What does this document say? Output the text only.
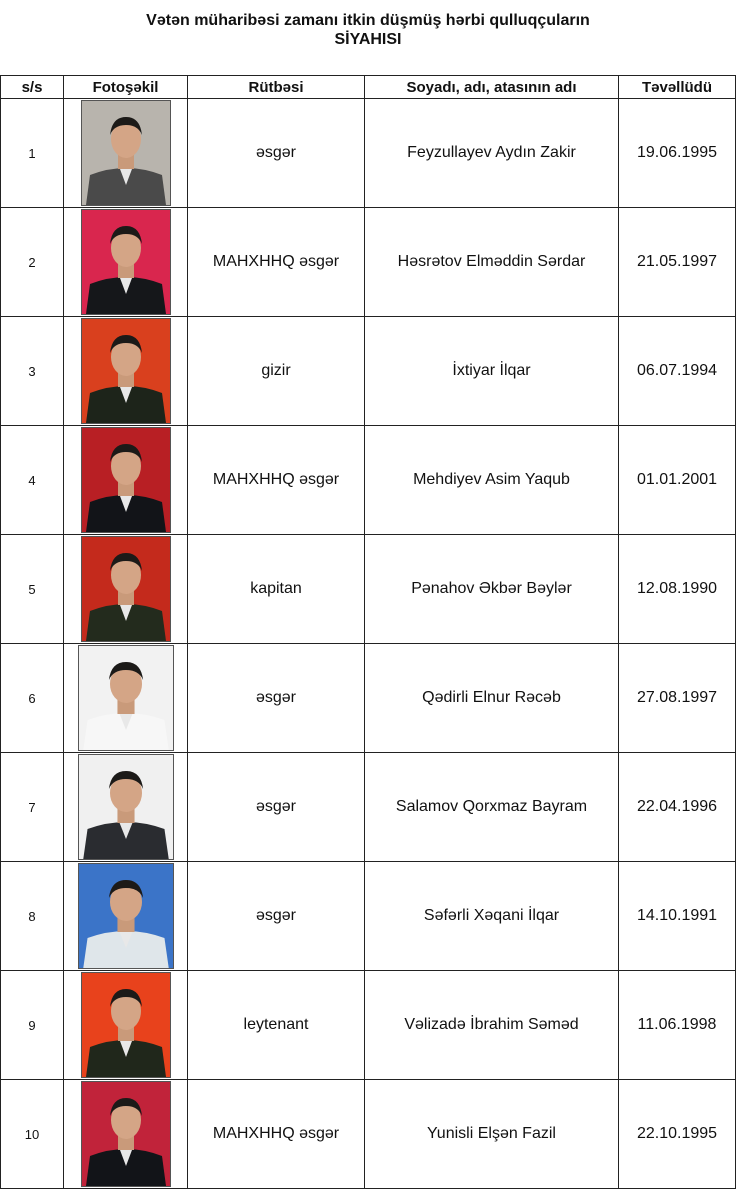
Vətən müharibəsi zamanı itkin düşmüş hərbi qulluqçuların
SİYAHISI
s/s	Fotoşəkil	Rütbəsi	Soyadı, adı, atasının adı	Təvəllüdü
1		əsgər	Feyzullayev Aydın Zakir	19.06.1995
2		MAHXHHQ əsgər	Həsrətov Elməddin Sərdar	21.05.1997
3		gizir	İxtiyar İlqar	06.07.1994
4		MAHXHHQ əsgər	Mehdiyev Asim Yaqub	01.01.2001
5		kapitan	Pənahov Əkbər Bəylər	12.08.1990
6		əsgər	Qədirli Elnur Rəcəb	27.08.1997
7		əsgər	Salamov Qorxmaz Bayram	22.04.1996
8		əsgər	Səfərli Xəqani İlqar	14.10.1991
9		leytenant	Vəlizadə İbrahim Səməd	11.06.1998
10		MAHXHHQ əsgər	Yunisli Elşən Fazil	22.10.1995
